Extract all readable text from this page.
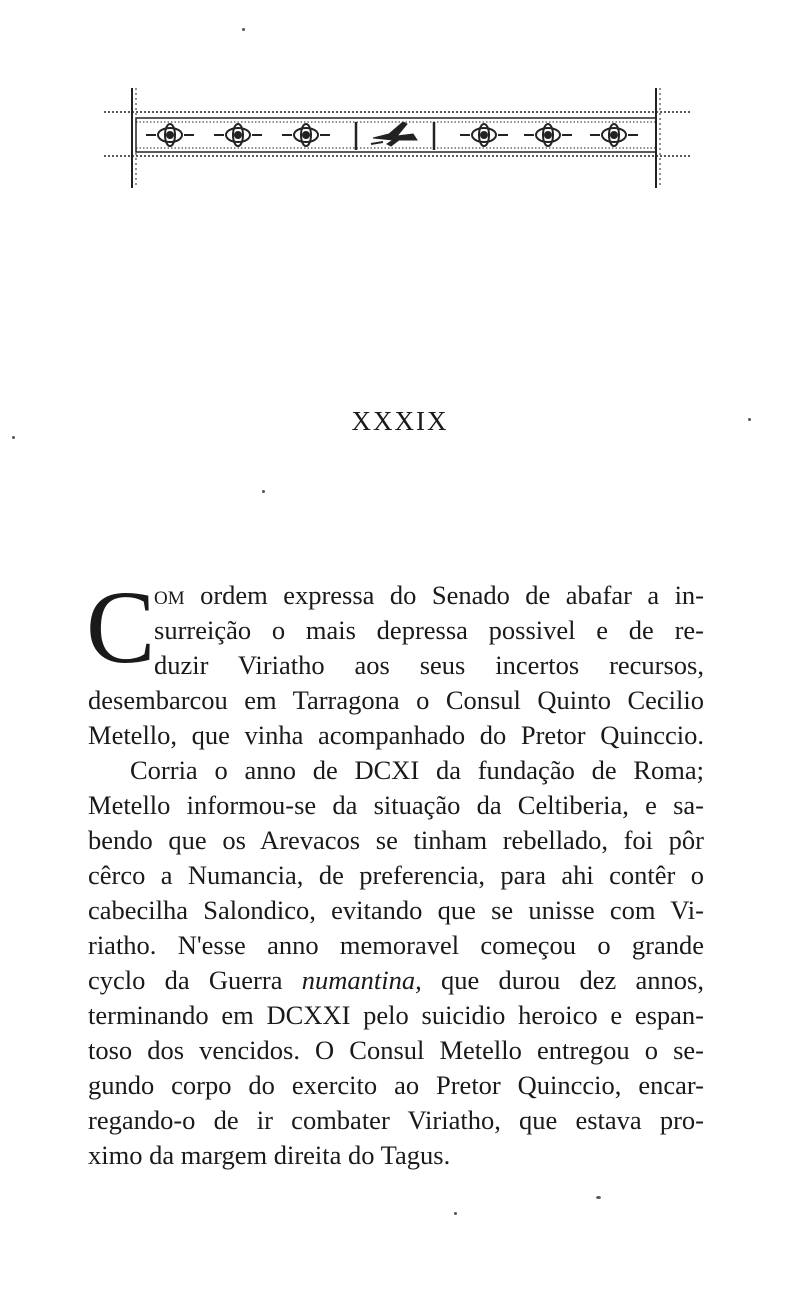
XXXIX
C
om ordem expressa do Senado de abafar a in-
surreição o mais depressa possivel e de re-
duzir Viriatho aos seus incertos recursos,
desembarcou em Tarragona o Consul Quinto Cecilio
Metello, que vinha acompanhado do Pretor Quinccio.
Corria o anno de DCXI da fundação de Roma;
Metello informou-se da situação da Celtiberia, e sa-
bendo que os Arevacos se tinham rebellado, foi pôr
cêrco a Numancia, de preferencia, para ahi contêr o
cabecilha Salondico, evitando que se unisse com Vi-
riatho. N'esse anno memoravel começou o grande
cyclo da Guerra numantina, que durou dez annos,
terminando em DCXXI pelo suicidio heroico e espan-
toso dos vencidos. O Consul Metello entregou o se-
gundo corpo do exercito ao Pretor Quinccio, encar-
regando-o de ir combater Viriatho, que estava pro-
ximo da margem direita do Tagus.
